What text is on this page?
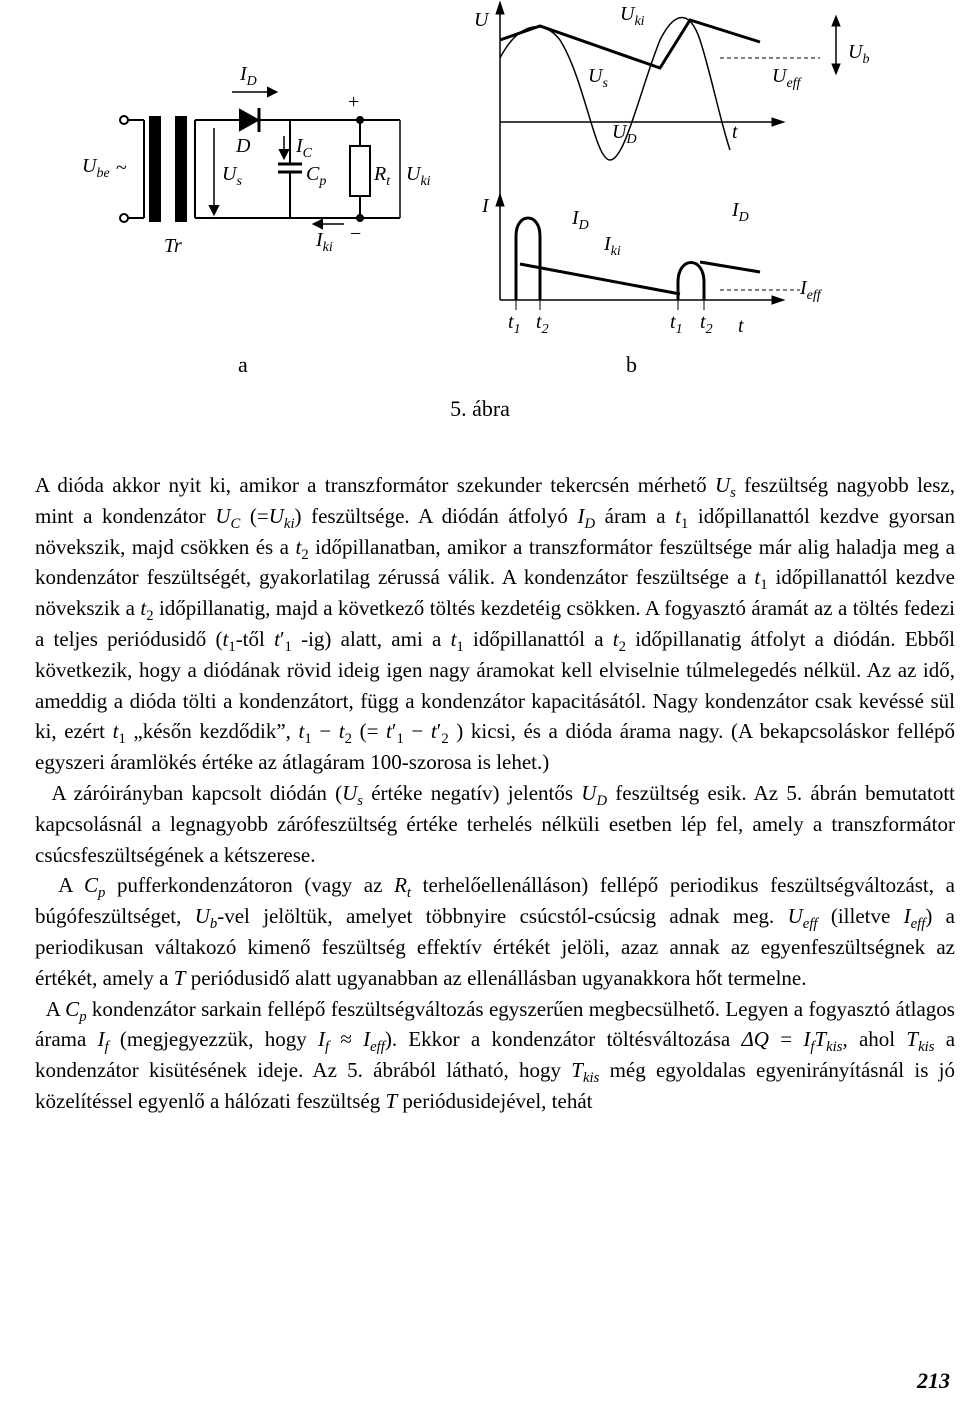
$U_{be}$ ~
Tr
$I_D$
D
$U_s$
$I_C$
$C_p$ $R_t$ $U_{ki}$
$I_{ki}$
+
−
U	$U_{ki}$
$U_s$
$U_D$
$U_{eff}$
$U_b$
t
I
$I_D$
$I_{ki}$
$I_D$
$I_{eff}$
$t_1$ $t_2$	$t_1$ $t_2$ t
a	b
5. ábra

A dióda akkor nyit ki, amikor a transzformátor szekunder tekercsén mérhető $U_s$ feszültség nagyobb lesz, mint a kondenzátor $U_C$ $(=U_{ki})$ feszültsége. A diódán átfolyó $I_D$ áram a $t_1$ időpillanattól kezdve gyorsan növekszik, majd csökken és a $t_2$ időpillanatban, amikor a transzformátor feszültsége már alig haladja meg a kondenzátor feszültségét, gyakorlatilag zérussá válik. A kondenzátor feszültsége a $t_1$ időpillanattól kezdve növekszik a $t_2$ időpillanatig, majd a következő töltés kezdetéig csökken. A fogyasztó áramát az a töltés fedezi a teljes periódusidő ($t_1$-től $t'_1$ -ig) alatt, ami a $t_1$ időpillanattól a $t_2$ időpillanatig átfolyt a diódán. Ebből következik, hogy a diódának rövid ideig igen nagy áramokat kell elviselnie túlmelegedés nélkül. Az az idő, ameddig a dióda tölti a kondenzátort, függ a kondenzátor kapacitásától. Nagy kondenzátor csak kevéssé sül ki, ezért $t_1$ „későn kezdődik”, $t_1 - t_2$ (= $t'_1 - t'_2$ ) kicsi, és a dióda árama nagy. (A bekapcsoláskor fellépő egyszeri áramlökés értéke az átlagáram 100-szorosa is lehet.)

A záróirányban kapcsolt diódán ($U_s$ értéke negatív) jelentős $U_D$ feszültség esik. Az 5. ábrán bemutatott kapcsolásnál a legnagyobb zárófeszültség értéke terhelés nélküli esetben lép fel, amely a transzformátor csúcsfeszültségének a kétszerese.

A $C_p$ pufferkondenzátoron (vagy az $R_t$ terhelőellenálláson) fellépő periodikus feszültségváltozást, a búgófeszültséget, $U_b$-vel jelöltük, amelyet többnyire csúcstól-csúcsig adnak meg. $U_{eff}$ (illetve $I_{eff}$) a periodikusan váltakozó kimenő feszültség effektív értékét jelöli, azaz annak az egyenfeszültségnek az értékét, amely a T periódusidő alatt ugyanabban az ellenállásban ugyanakkora hőt termelne.

A $C_p$ kondenzátor sarkain fellépő feszültségváltozás egyszerűen megbecsülhető. Legyen a fogyasztó átlagos árama $I_f$ (megjegyezzük, hogy $I_f \approx I_{eff}$). Ekkor a kondenzátor töltésváltozása $\Delta Q = I_fT_{kis}$, ahol $T_{kis}$ a kondenzátor kisütésének ideje. Az 5. ábrából látható, hogy $T_{kis}$ még egyoldalas egyenirányításnál is jó közelítéssel egyenlő a hálózati feszültség T periódusidejével, tehát

213
